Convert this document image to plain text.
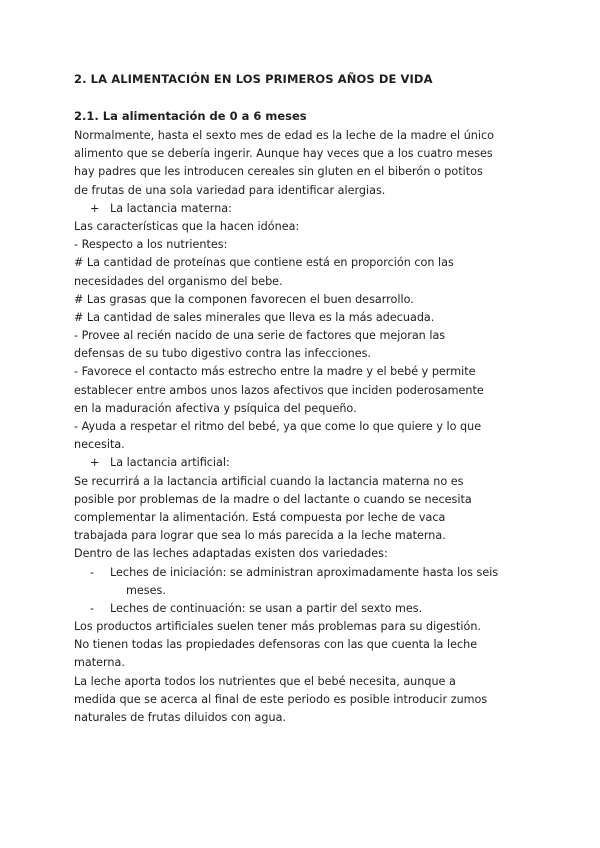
2. LA ALIMENTACIÓN EN LOS PRIMEROS AÑOS DE VIDA
2.1. La alimentación de 0 a 6 meses
Normalmente, hasta el sexto mes de edad es la leche de la madre el único
alimento que se debería ingerir. Aunque hay veces que a los cuatro meses
hay padres que les introducen cereales sin gluten en el biberón o potitos
de frutas de una sola variedad para identificar alergias.
+ La lactancia materna:
Las características que la hacen idónea:
- Respecto a los nutrientes:
# La cantidad de proteínas que contiene está en proporción con las
necesidades del organismo del bebe.
# Las grasas que la componen favorecen el buen desarrollo.
# La cantidad de sales minerales que lleva es la más adecuada.
- Provee al recién nacido de una serie de factores que mejoran las
defensas de su tubo digestivo contra las infecciones.
- Favorece el contacto más estrecho entre la madre y el bebé y permite
establecer entre ambos unos lazos afectivos que inciden poderosamente
en la maduración afectiva y psíquica del pequeño.
- Ayuda a respetar el ritmo del bebé, ya que come lo que quiere y lo que
necesita.
+ La lactancia artificial:
Se recurrirá a la lactancia artificial cuando la lactancia materna no es
posible por problemas de la madre o del lactante o cuando se necesita
complementar la alimentación. Está compuesta por leche de vaca
trabajada para lograr que sea lo más parecida a la leche materna.
Dentro de las leches adaptadas existen dos variedades:
- Leches de iniciación: se administran aproximadamente hasta los seis
meses.
- Leches de continuación: se usan a partir del sexto mes.
Los productos artificiales suelen tener más problemas para su digestión.
No tienen todas las propiedades defensoras con las que cuenta la leche
materna.
La leche aporta todos los nutrientes que el bebé necesita, aunque a
medida que se acerca al final de este periodo es posible introducir zumos
naturales de frutas diluidos con agua.
